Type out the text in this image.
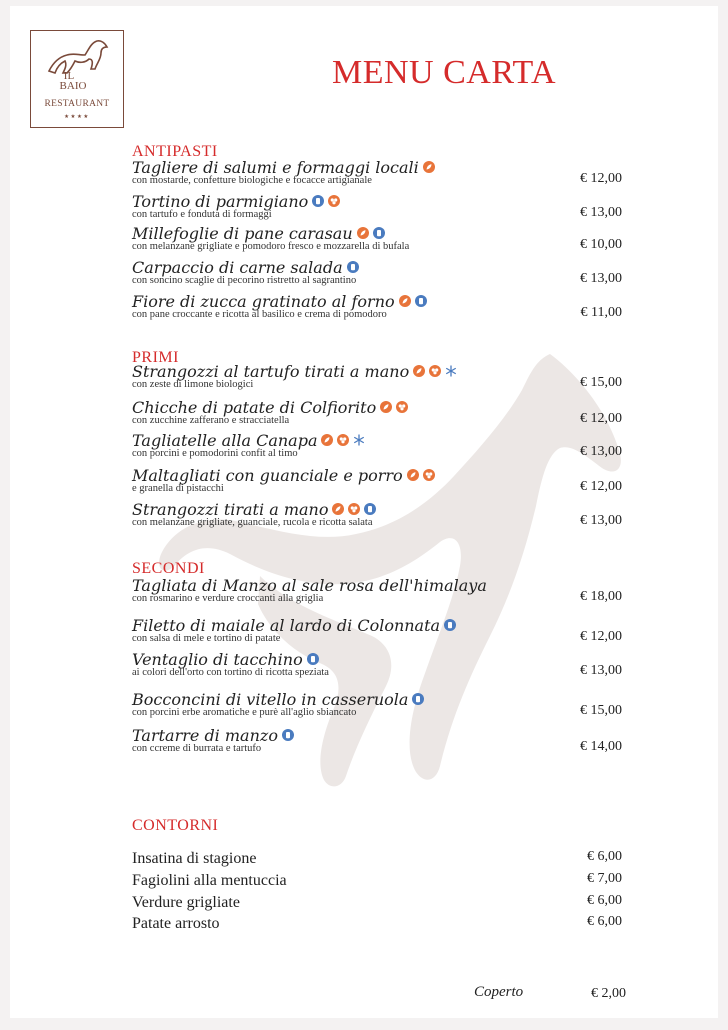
IL
BAIO
RESTAURANT
★★★★
MENU CARTA
ANTIPASTI
PRIMI
SECONDI
Tagliere di salumi e formaggi locali
con mostarde, confetture biologiche e focacce artigianale	€ 12,00
Tortino di parmigiano
con tartufo e fonduta di formaggi	€ 13,00
Millefoglie di pane carasau
con melanzane grigliate e pomodoro fresco e mozzarella di bufala	€ 10,00
Carpaccio di carne salada
con soncino scaglie di pecorino ristretto al sagrantino	€ 13,00
Fiore di zucca gratinato al forno
con pane croccante e ricotta al basilico e crema di pomodoro	€ 11,00
Strangozzi al tartufo tirati a mano
con zeste di limone biologici	€ 15,00
Chicche di patate di Colfiorito
con zucchine zafferano e stracciatella	€ 12,00
Tagliatelle alla Canapa
con porcini e pomodorini confit al timo	€ 13,00
Maltagliati con guanciale e porro
e granella di pistacchi	€ 12,00
Strangozzi tirati a mano
con melanzane grigliate, guanciale, rucola e ricotta salata	€ 13,00
Tagliata di Manzo al sale rosa dell'himalaya
con rosmarino e verdure croccanti alla griglia	€ 18,00
Filetto di maiale al lardo di Colonnata
con salsa di mele e tortino di patate	€ 12,00
Ventaglio di tacchino
ai colori dell'orto con tortino di ricotta speziata	€ 13,00
Bocconcini di vitello in casseruola
con porcini erbe aromatiche e purè all'aglio sbiancato	€ 15,00
Tartarre di manzo
con ccreme di burrata e tartufo	€ 14,00
CONTORNI
Insatina di stagione	€ 6,00
Fagiolini alla mentuccia	€ 7,00
Verdure grigliate	€ 6,00
Patate arrosto	€ 6,00
Coperto	€ 2,00
